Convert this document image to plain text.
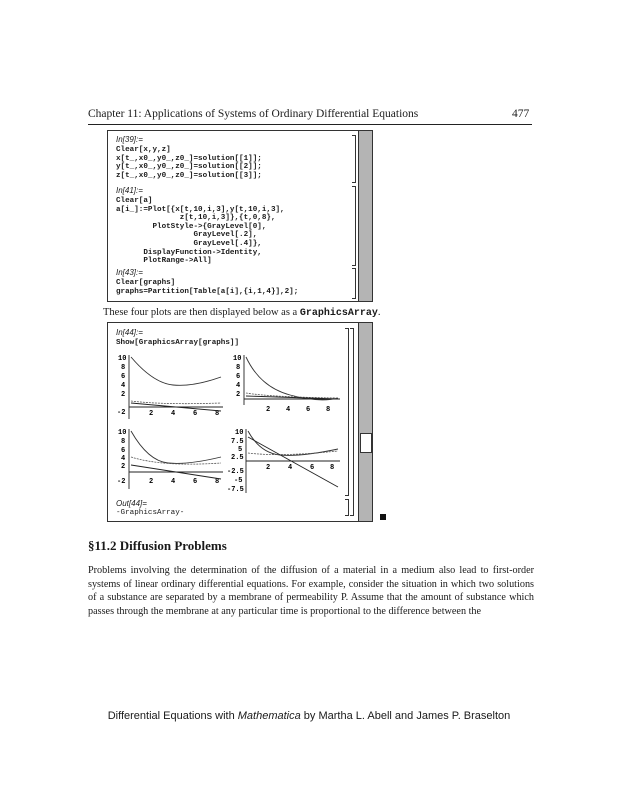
Chapter 11: Applications of Systems of Ordinary Differential Equations	477
In[39]:=
Clear[x,y,z]
x[t_,x0_,y0_,z0_]=solution[[1]];
y[t_,x0_,y0_,z0_]=solution[[2]];
z[t_,x0_,y0_,z0_]=solution[[3]];
In[41]:=
Clear[a]
a[i_]:=Plot[{x[t,10,i,3],y[t,10,i,3],
z[t,10,i,3]},{t,0,8},
PlotStyle->{GrayLevel[0],
GrayLevel[.2],
GrayLevel[.4]},
DisplayFunction->Identity,
PlotRange->All]
In[43]:=
Clear[graphs]
graphs=Partition[Table[a[i],{i,1,4}],2];
These four plots are then displayed below as a GraphicsArray.
In[44]:=
Show[GraphicsArray[graphs]]
10
8
6
4
2
-2	2	4	6	8
10
8
6
4
2
2 4 6 8
10
8
6
4
2
-2	2	4	6	8
10
7.5
5
2.5
-2.5
-5
-7.5
2	4	6 8
Out[44]=
-GraphicsArray-
§11.2 Diffusion Problems
Problems involving the determination of the diffusion of a material in a medium also lead to first-order systems of linear ordinary differential equations. For example, consider the situation in which two solutions of a substance are separated by a membrane of permeability P. Assume that the amount of substance which passes through the membrane at any particular time is proportional to the difference between the
Differential Equations with Mathematica by Martha L. Abell and James P. Braselton
